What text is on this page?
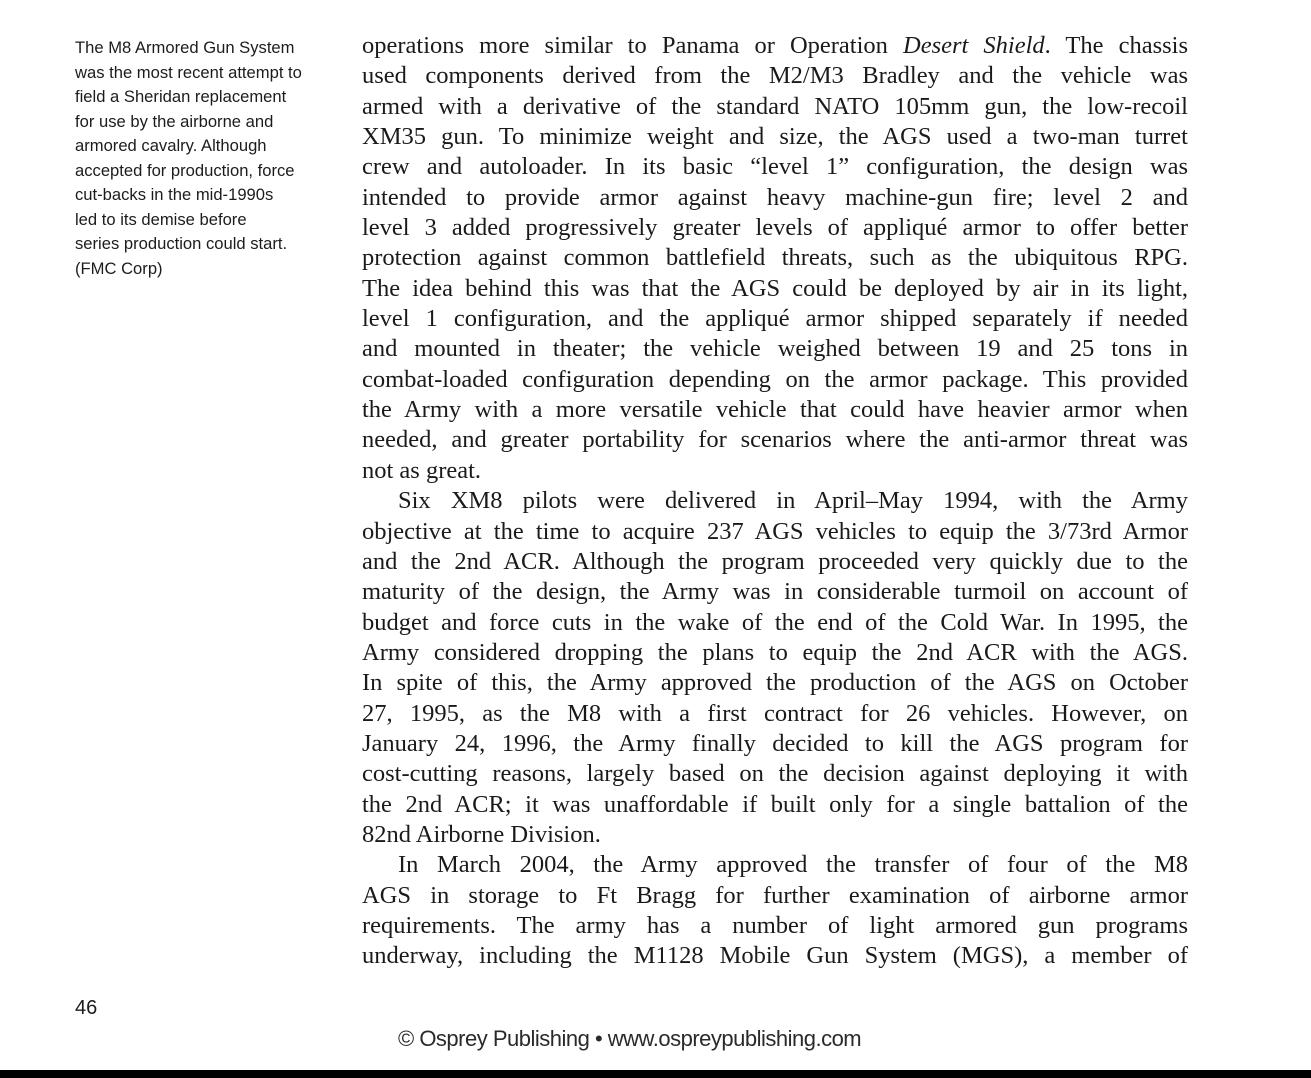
The M8 Armored Gun System
was the most recent attempt to
field a Sheridan replacement
for use by the airborne and
armored cavalry. Although
accepted for production, force
cut-backs in the mid-1990s
led to its demise before
series production could start.
(FMC Corp)
operations more similar to Panama or Operation Desert Shield. The chassis
used components derived from the M2/M3 Bradley and the vehicle was
armed with a derivative of the standard NATO 105mm gun, the low-recoil
XM35 gun. To minimize weight and size, the AGS used a two-man turret
crew and autoloader. In its basic “level 1” configuration, the design was
intended to provide armor against heavy machine-gun fire; level 2 and
level 3 added progressively greater levels of appliqué armor to offer better
protection against common battlefield threats, such as the ubiquitous RPG.
The idea behind this was that the AGS could be deployed by air in its light,
level 1 configuration, and the appliqué armor shipped separately if needed
and mounted in theater; the vehicle weighed between 19 and 25 tons in
combat-loaded configuration depending on the armor package. This provided
the Army with a more versatile vehicle that could have heavier armor when
needed, and greater portability for scenarios where the anti-armor threat was
not as great.
Six XM8 pilots were delivered in April–May 1994, with the Army
objective at the time to acquire 237 AGS vehicles to equip the 3/73rd Armor
and the 2nd ACR. Although the program proceeded very quickly due to the
maturity of the design, the Army was in considerable turmoil on account of
budget and force cuts in the wake of the end of the Cold War. In 1995, the
Army considered dropping the plans to equip the 2nd ACR with the AGS.
In spite of this, the Army approved the production of the AGS on October
27, 1995, as the M8 with a first contract for 26 vehicles. However, on
January 24, 1996, the Army finally decided to kill the AGS program for
cost-cutting reasons, largely based on the decision against deploying it with
the 2nd ACR; it was unaffordable if built only for a single battalion of the
82nd Airborne Division.
In March 2004, the Army approved the transfer of four of the M8
AGS in storage to Ft Bragg for further examination of airborne armor
requirements. The army has a number of light armored gun programs
underway, including the M1128 Mobile Gun System (MGS), a member of
46
© Osprey Publishing • www.ospreypublishing.com
